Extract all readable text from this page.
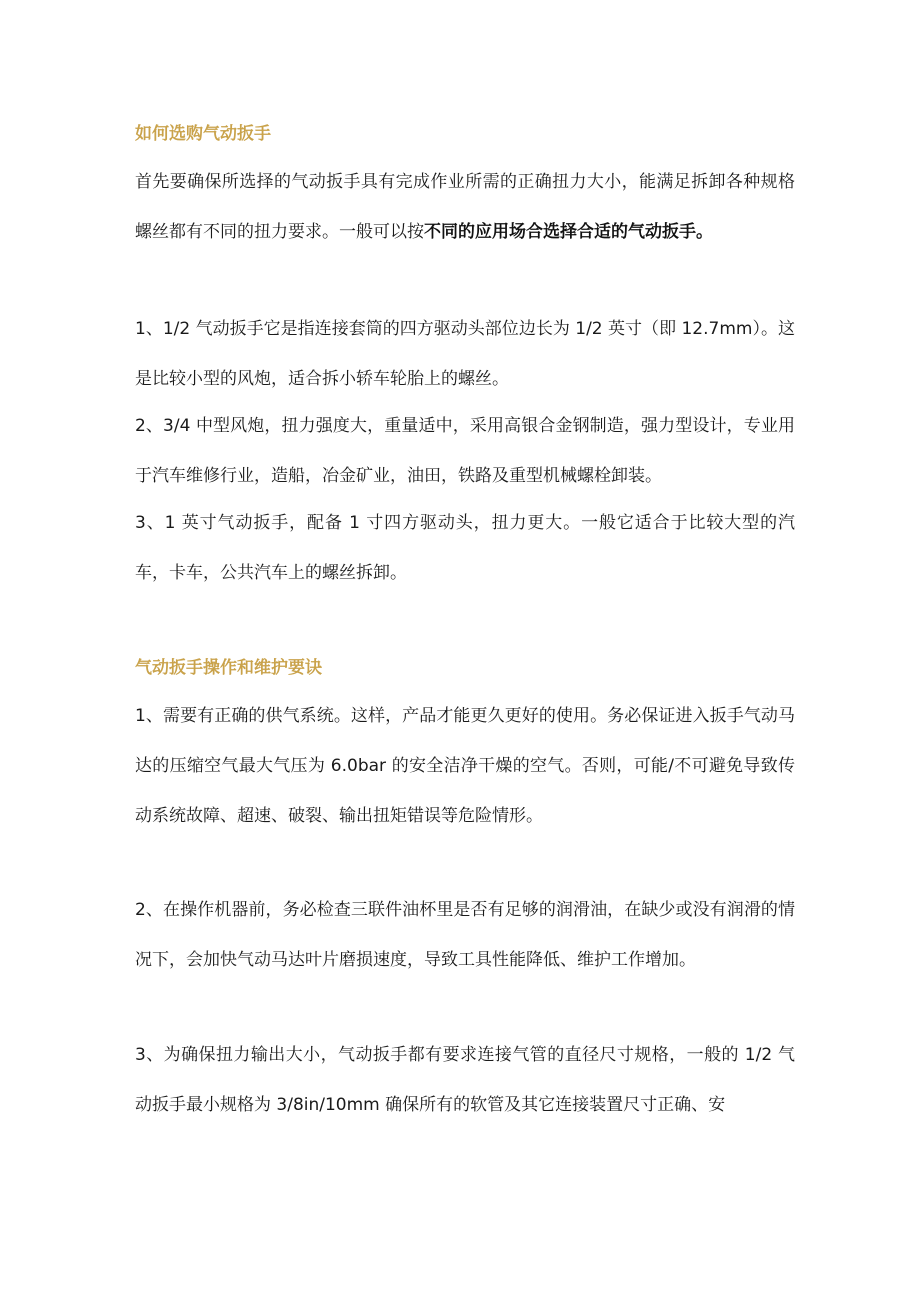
如何选购气动扳手

首先要确保所选择的气动扳手具有完成作业所需的正确扭力大小，能满足拆卸各种规格螺丝都有不同的扭力要求。一般可以按不同的应用场合选择合适的气动扳手。

1、1/2 气动扳手它是指连接套筒的四方驱动头部位边长为 1/2 英寸（即 12.7mm）。这是比较小型的风炮，适合拆小轿车轮胎上的螺丝。

2、3/4 中型风炮，扭力强度大，重量适中，采用高银合金钢制造，强力型设计，专业用于汽车维修行业，造船，冶金矿业，油田，铁路及重型机械螺栓卸装。

3、1 英寸气动扳手，配备 1 寸四方驱动头，扭力更大。一般它适合于比较大型的汽车，卡车，公共汽车上的螺丝拆卸。

气动扳手操作和维护要诀

1、需要有正确的供气系统。这样，产品才能更久更好的使用。务必保证进入扳手气动马达的压缩空气最大气压为 6.0bar 的安全洁净干燥的空气。否则，可能/不可避免导致传动系统故障、超速、破裂、输出扭矩错误等危险情形。

2、在操作机器前，务必检查三联件油杯里是否有足够的润滑油，在缺少或没有润滑的情况下，会加快气动马达叶片磨损速度，导致工具性能降低、维护工作增加。

3、为确保扭力输出大小，气动扳手都有要求连接气管的直径尺寸规格，一般的 1/2 气动扳手最小规格为 3/8in/10mm 确保所有的软管及其它连接装置尺寸正确、安
